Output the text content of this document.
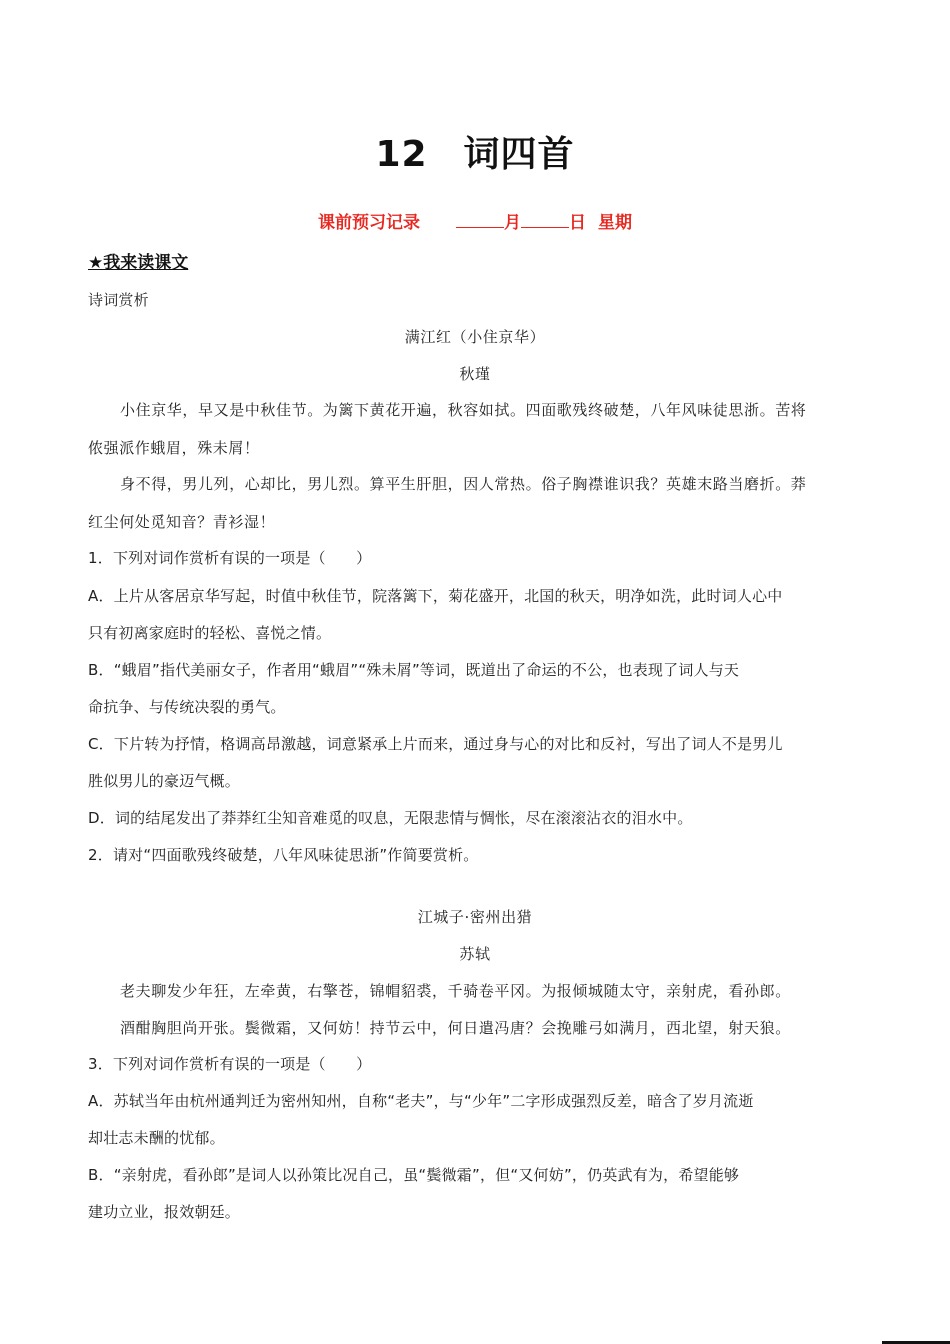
12 词四首
课前预习记录	月	日 星期
★我来读课文
诗词赏析
满江红（小住京华）
秋瑾
小住京华，早又是中秋佳节。为篱下黄花开遍，秋容如拭。四面歌残终破楚，八年风味徒思浙。苦将
侬强派作蛾眉，殊未屑！
身不得，男儿列，心却比，男儿烈。算平生肝胆，因人常热。俗子胸襟谁识我？英雄末路当磨折。莽
红尘何处觅知音？青衫湿！
1．下列对词作赏析有误的一项是（　　）
A．上片从客居京华写起，时值中秋佳节，院落篱下，菊花盛开，北国的秋天，明净如洗，此时词人心中
只有初离家庭时的轻松、喜悦之情。
B．“蛾眉”指代美丽女子，作者用“蛾眉”“殊未屑”等词，既道出了命运的不公，也表现了词人与天
命抗争、与传统决裂的勇气。
C．下片转为抒情，格调高昂激越，词意紧承上片而来，通过身与心的对比和反衬，写出了词人不是男儿
胜似男儿的豪迈气概。
D．词的结尾发出了莽莽红尘知音难觅的叹息，无限悲情与惆怅，尽在滚滚沾衣的泪水中。
2．请对“四面歌残终破楚，八年风味徒思浙”作简要赏析。
江城子·密州出猎
苏轼
老夫聊发少年狂，左牵黄，右擎苍，锦帽貂裘，千骑卷平冈。为报倾城随太守，亲射虎，看孙郎。
酒酣胸胆尚开张。鬓微霜，又何妨！持节云中，何日遣冯唐？会挽雕弓如满月，西北望，射天狼。
3．下列对词作赏析有误的一项是（　　）
A．苏轼当年由杭州通判迁为密州知州，自称“老夫”，与“少年”二字形成强烈反差，暗含了岁月流逝
却壮志未酬的忧郁。
B．“亲射虎，看孙郎”是词人以孙策比况自己，虽“鬓微霜”，但“又何妨”，仍英武有为，希望能够
建功立业，报效朝廷。
